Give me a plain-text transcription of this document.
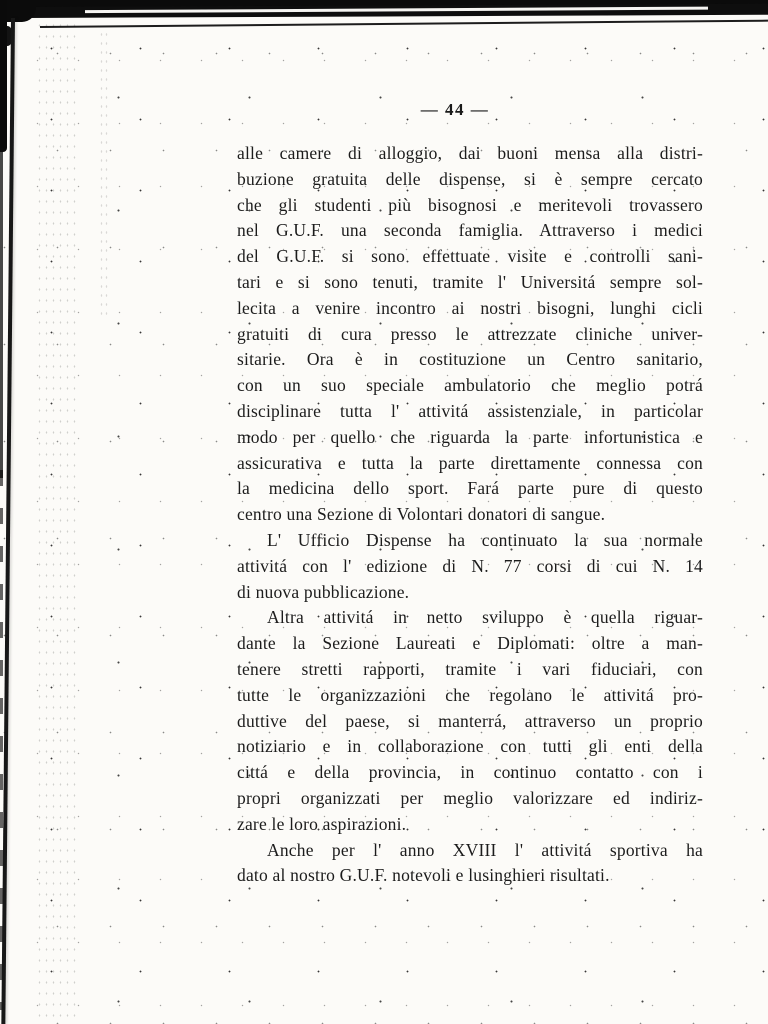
— 44 —
alle camere di alloggio, dai buoni mensa alla distri-
buzione gratuita delle dispense, si è sempre cercato
che gli studenti più bisognosi e meritevoli trovassero
nel G.U.F. una seconda famiglia. Attraverso i medici
del G.U.F. si sono effettuate visite e controlli sani-
tari e si sono tenuti, tramite l' Universitá sempre sol-
lecita a venire incontro ai nostri bisogni, lunghi cicli
gratuiti di cura presso le attrezzate cliniche univer-
sitarie. Ora è in costituzione un Centro sanitario,
con un suo speciale ambulatorio che meglio potrá
disciplinare tutta l' attivitá assistenziale, in particolar
modo per quello che riguarda la parte infortunistica e
assicurativa e tutta la parte direttamente connessa con
la medicina dello sport. Fará parte pure di questo
centro una Sezione di Volontari donatori di sangue.
L' Ufficio Dispense ha continuato la sua normale
attivitá con l' edizione di N. 77 corsi di cui N. 14
di nuova pubblicazione.
Altra attivitá in netto sviluppo è quella riguar-
dante la Sezione Laureati e Diplomati: oltre a man-
tenere stretti rapporti, tramite i vari fiduciari, con
tutte le organizzazioni che regolano le attivitá pro-
duttive del paese, si manterrá, attraverso un proprio
notiziario e in collaborazione con tutti gli enti della
cittá e della provincia, in continuo contatto con i
propri organizzati per meglio valorizzare ed indiriz-
zare le loro aspirazioni.
Anche per l' anno XVIII l' attivitá sportiva ha
dato al nostro G.U.F. notevoli e lusinghieri risultati.
